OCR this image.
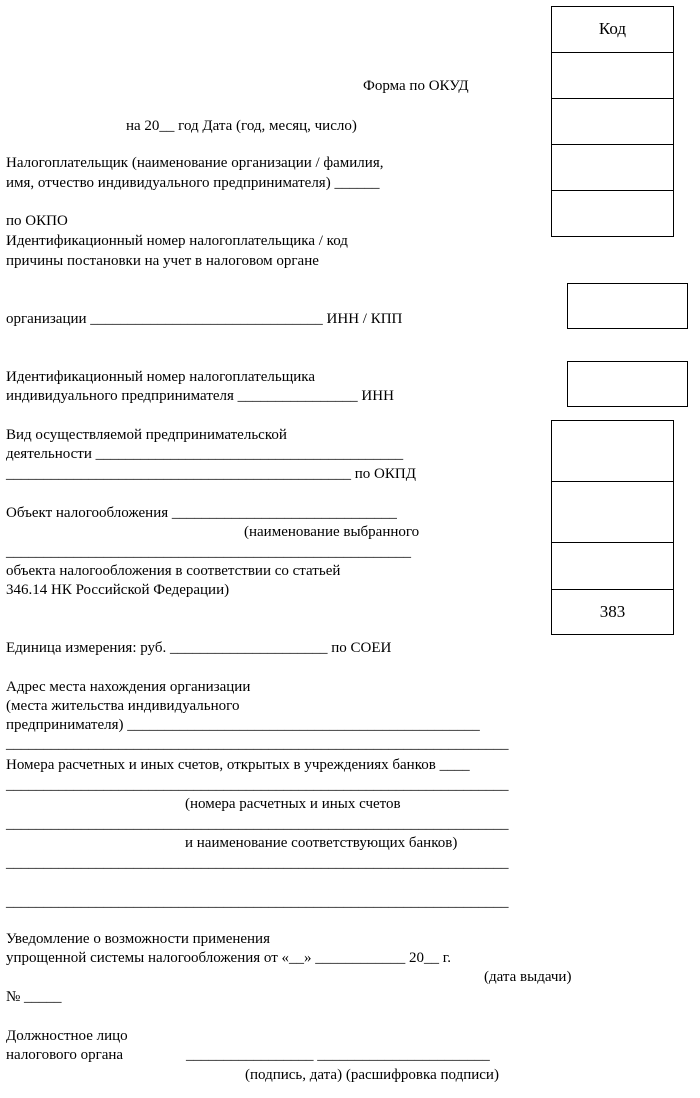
Код
383
Форма по ОКУД
на 20__ год Дата (год, месяц, число)
Налогоплательщик (наименование организации / фамилия,
имя, отчество индивидуального предпринимателя) ______
по ОКПО
Идентификационный номер налогоплательщика / код
причины постановки на учет в налоговом органе
организации _______________________________ ИНН / КПП
Идентификационный номер налогоплательщика
индивидуального предпринимателя ________________ ИНН
Вид осуществляемой предпринимательской
деятельности _________________________________________
______________________________________________ по ОКПД
Объект налогообложения ______________________________
(наименование выбранного
______________________________________________________
объекта налогообложения в соответствии со статьей
346.14 НК Российской Федерации)
Единица измерения: руб. _____________________ по СОЕИ
Адрес места нахождения организации
(места жительства индивидуального
предпринимателя) _______________________________________________
___________________________________________________________________
Номера расчетных и иных счетов, открытых в учреждениях банков ____
___________________________________________________________________
(номера расчетных и иных счетов
___________________________________________________________________
и наименование соответствующих банков)
___________________________________________________________________
___________________________________________________________________
Уведомление о возможности применения
упрощенной системы налогообложения от «__» ____________ 20__ г.
(дата выдачи)
№ _____
Должностное лицо
налогового органа	_________________ _______________________
(подпись, дата) (расшифровка подписи)
